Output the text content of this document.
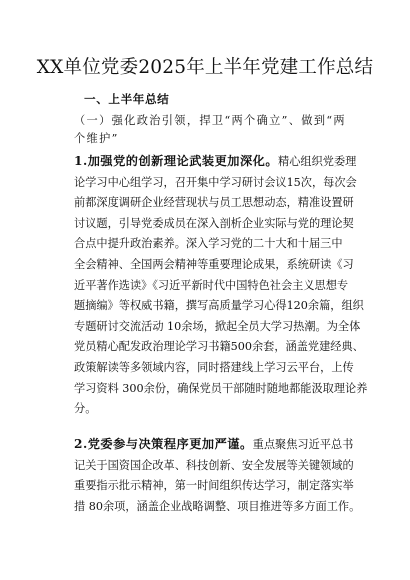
XX单位党委2025年上半年党建工作总结
一、上半年总结
（一）强化政治引领，捍卫“两个确立”、做到“两
个维护”
1.加强党的创新理论武装更加深化。精心组织党委理
论学习中心组学习，召开集中学习研讨会议15次，每次会
前都深度调研企业经营现状与员工思想动态，精准设置研
讨议题，引导党委成员在深入剖析企业实际与党的理论契
合点中提升政治素养。深入学习党的二十大和十届三中
全会精神、全国两会精神等重要理论成果，系统研读《习
近平著作选读》《习近平新时代中国特色社会主义思想专
题摘编》等权威书籍，撰写高质量学习心得120余篇，组织
专题研讨交流活动 10余场，掀起全员大学习热潮。为全体
党员精心配发政治理论学习书籍500余套，涵盖党建经典、
政策解读等多领域内容，同时搭建线上学习云平台，上传
学习资料 300余份，确保党员干部随时随地都能汲取理论养
分。
2.党委参与决策程序更加严谨。重点聚焦习近平总书
记关于国资国企改革、科技创新、安全发展等关键领域的
重要指示批示精神，第一时间组织传达学习，制定落实举
措 80余项，涵盖企业战略调整、项目推进等多方面工作。
